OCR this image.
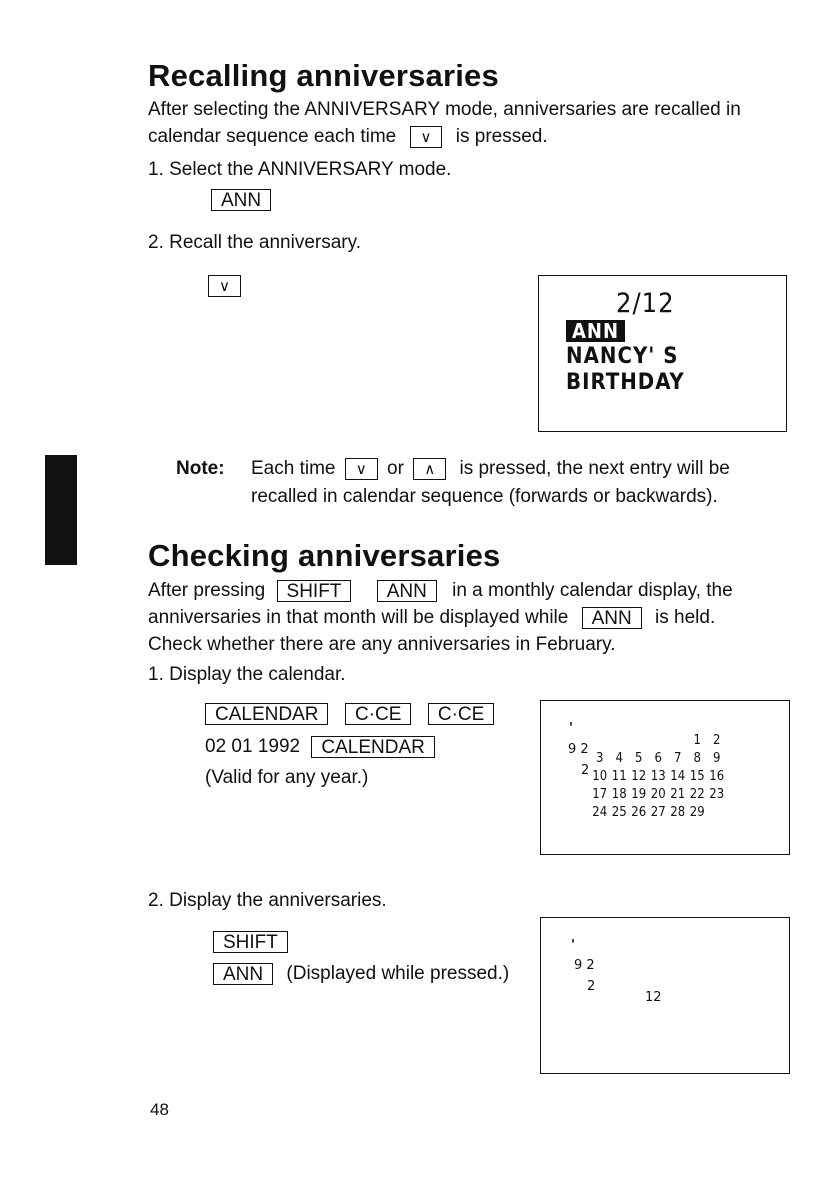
Recalling anniversaries
After selecting the ANNIVERSARY mode, anniversaries are recalled in
calendar sequence each time ∨ is pressed.
1. Select the ANNIVERSARY mode.
ANN
2. Recall the anniversary.
∨
2/12
ANN
NANCY' S
BIRTHDAY
Note: Each time ∨ or ∧ is pressed, the next entry will be
recalled in calendar sequence (forwards or backwards).
Checking anniversaries
After pressing SHIFT ANN in a monthly calendar display, the
anniversaries in that month will be displayed while ANN is held.
Check whether there are any anniversaries in February.
1. Display the calendar.
CALENDAR C·CE C·CE
02 01 1992 CALENDAR
(Valid for any year.)
'
9 2
2
					1	2
3	4	5	6	7	8	9
10	11	12	13	14	15	16
17	18	19	20	21	22	23
24	25	26	27	28	29	
2. Display the anniversaries.
SHIFT
ANN (Displayed while pressed.)
'
9 2
2
12
48
